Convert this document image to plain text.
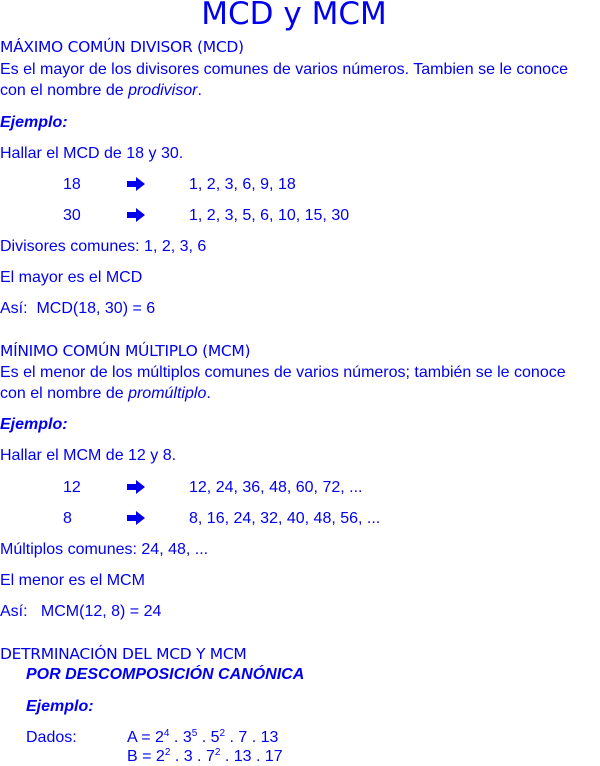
MCD y MCM
MÁXIMO COMÚN DIVISOR (MCD)
Es el mayor de los divisores comunes de varios números. Tambien se le conoce
con el nombre de prodivisor.
Ejemplo:
Hallar el MCD de 18 y 30.
18	1, 2, 3, 6, 9, 18
30	1, 2, 3, 5, 6, 10, 15, 30
Divisores comunes: 1, 2, 3, 6
El mayor es el MCD
Así:  MCD(18, 30) = 6
MÍNIMO COMÚN MÚLTIPLO (MCM)
Es el menor de los múltiplos comunes de varios números; también se le conoce
con el nombre de promúltiplo.
Ejemplo:
Hallar el MCM de 12 y 8.
12	12, 24, 36, 48, 60, 72, ...
8	8, 16, 24, 32, 40, 48, 56, ...
Múltiplos comunes: 24, 48, ...
El menor es el MCM
Así:   MCM(12, 8) = 24
DETRMINACIÓN DEL MCD Y MCM
POR DESCOMPOSICIÓN CANÓNICA
Ejemplo:
Dados:	$A = 2^4$ . $3^5$ . $5^2$ . 7 . 13
$B = 2^2$ . 3 . $7^2$ . 13 . 17
